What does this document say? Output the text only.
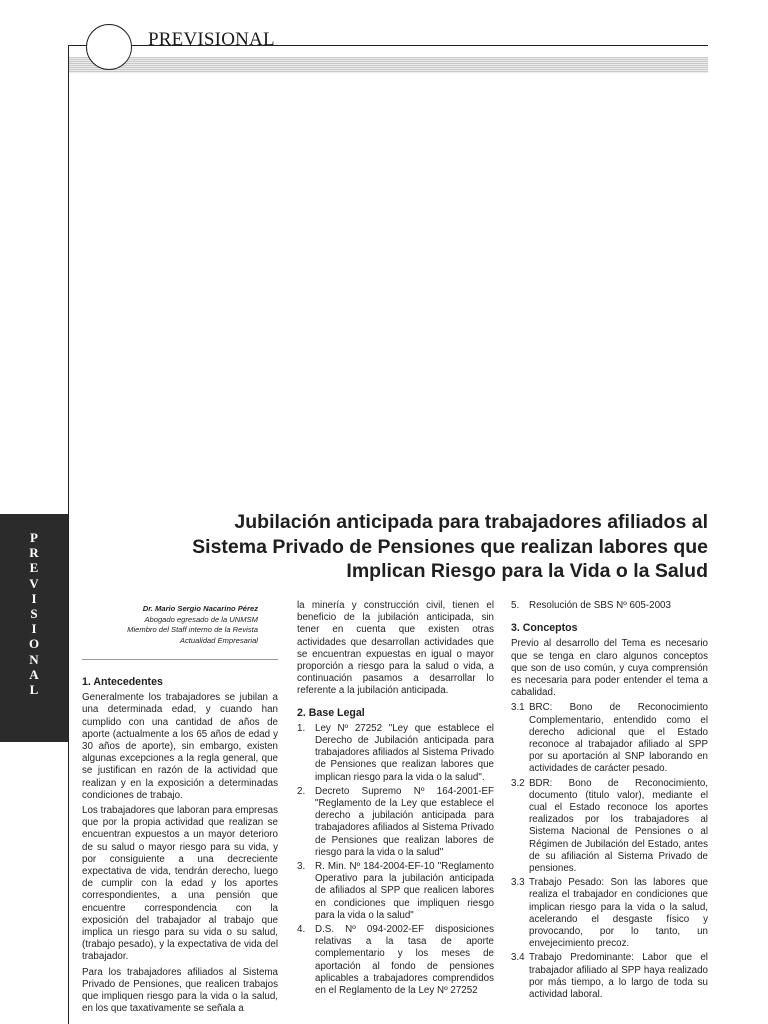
PREVISIONAL
P
R
E
V
I
S
I
O
N
A
L
Jubilación anticipada para trabajadores afiliados al
Sistema Privado de Pensiones que realizan labores que
Implican Riesgo para la Vida o la Salud
Dr. Mario Sergio Nacarino Pérez
Abogado egresado de la UNMSM
Miembro del Staff interno de la Revista
Actualidad Empresarial
1. Antecedentes

Generalmente los trabajadores se jubilan a una determinada edad, y cuando han cumplido con una cantidad de años de aporte (actualmente a los 65 años de edad y 30 años de aporte), sin embargo, existen algunas excepciones a la regla general, que se justifican en razón de la actividad que realizan y en la exposición a determinadas condiciones de trabajo.

Los trabajadores que laboran para empresas que por la propia actividad que realizan se encuentran expuestos a un mayor deterioro de su salud o mayor riesgo para su vida, y por consiguiente a una decreciente expectativa de vida, tendrán derecho, luego de cumplir con la edad y los aportes correspondientes, a una pensión que encuentre correspondencia con la exposición del trabajador al trabajo que implica un riesgo para su vida o su salud, (trabajo pesado), y la expectativa de vida del trabajador.

Para los trabajadores afiliados al Sistema Privado de Pensiones, que realicen trabajos que impliquen riesgo para la vida o la salud, en los que taxativamente se señala a

la minería y construcción civil, tienen el beneficio de la jubilación anticipada, sin tener en cuenta que existen otras actividades que desarrollan actividades que se encuentran expuestas en igual o mayor proporción a riesgo para la salud o vida, a continuación pasamos a desarrollar lo referente a la jubilación anticipada.

2. Base Legal
1. Ley Nº 27252 "Ley que establece el Derecho de Jubilación anticipada para trabajadores afiliados al Sistema Privado de Pensiones que realizan labores que implican riesgo para la vida o la salud".
2. Decreto Supremo Nº 164-2001-EF "Reglamento de la Ley que establece el derecho a jubilación anticipada para trabajadores afiliados al Sistema Privado de Pensiones que realizan labores de riesgo para la vida o la salud"
3. R. Min. Nº 184-2004-EF-10 "Reglamento Operativo para la jubilación anticipada de afiliados al SPP que realicen labores en condiciones que impliquen riesgo para la vida o la salud"
4. D.S. Nº 094-2002-EF disposiciones relativas a la tasa de aporte complementario y los meses de aportación al fondo de pensiones aplicables a trabajadores comprendidos en el Reglamento de la Ley Nº 27252
5. Resolución de SBS Nº 605-2003
3. Conceptos

Previo al desarrollo del Tema es necesario que se tenga en claro algunos conceptos que son de uso común, y cuya comprensión es necesaria para poder entender el tema a cabalidad.

3.1 BRC: Bono de Reconocimiento Complementario, entendido como el derecho adicional que el Estado reconoce al trabajador afiliado al SPP por su aportación al SNP laborando en actividades de carácter pesado.
3.2 BDR: Bono de Reconocimiento, documento (titulo valor), mediante el cual el Estado reconoce los aportes realizados por los trabajadores al Sistema Nacional de Pensiones o al Régimen de Jubilación del Estado, antes de su afiliación al Sistema Privado de pensiones.
3.3 Trabajo Pesado: Son las labores que realiza el trabajador en condiciones que implican riesgo para la vida o la salud, acelerando el desgaste físico y provocando, por lo tanto, un envejecimiento precoz.
3.4 Trabajo Predominante: Labor que el trabajador afiliado al SPP haya realizado por más tiempo, a lo largo de toda su actividad laboral.
